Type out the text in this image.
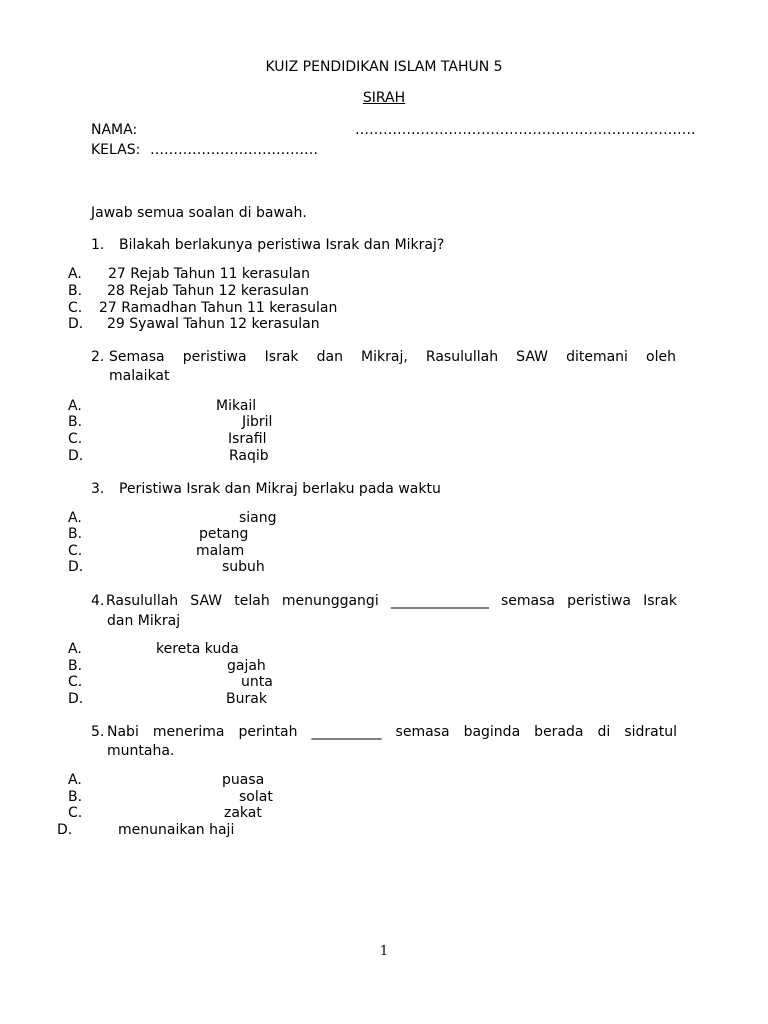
KUIZ PENDIDIKAN ISLAM TAHUN 5
SIRAH
NAMA:	……………………………………………………………….
KELAS: ………………………………
Jawab semua soalan di bawah.
1. Bilakah berlakunya peristiwa Israk dan Mikraj?
A. 27 Rejab Tahun 11 kerasulan
B. 28 Rejab Tahun 12 kerasulan
C. 27 Ramadhan Tahun 11 kerasulan
D. 29 Syawal Tahun 12 kerasulan
2. Semasa peristiwa Israk dan Mikraj, Rasulullah SAW ditemani oleh
malaikat
A.	Mikail
B.	Jibril
C.	Israfil
D.	Raqib
3. Peristiwa Israk dan Mikraj berlaku pada waktu
A.	siang
B.	petang
C.	malam
D.	subuh
4. Rasulullah SAW telah menunggangi ______________ semasa peristiwa Israk
dan Mikraj
A.	kereta kuda
B.	gajah
C.	unta
D.	Burak
5. Nabi menerima perintah __________ semasa baginda berada di sidratul
muntaha.
A.	puasa
B.	solat
C.	zakat
D.	menunaikan haji
1
